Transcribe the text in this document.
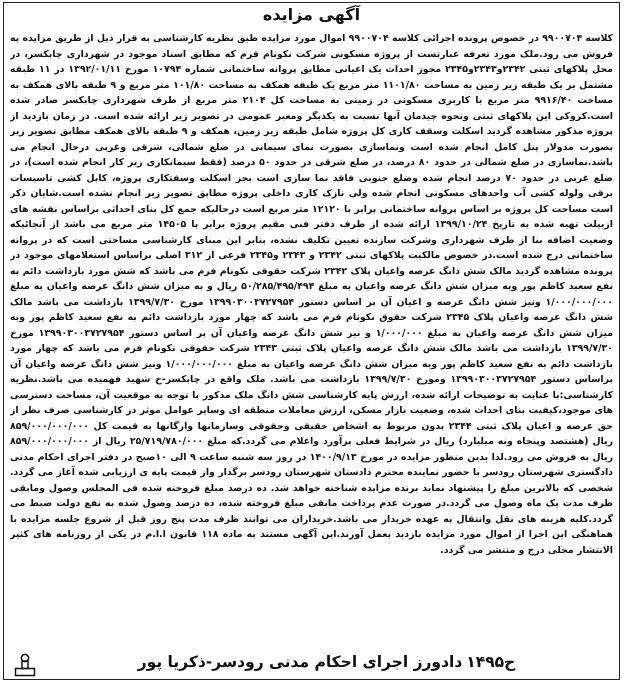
آگهی مزایده
کلاسه ۹۹۰۰۷۰۴ در خصوص پرونده اجرائی کلاسه ۹۹۰۰۷۰۴ اموال مورد مزایده طبق نظریه کارشناسی به قرار ذیل از طریق مزایده به فروش می رود.ملک مورد تعرفه عبارتست از پروژه مسکونی شرکت نکونام فرم که مطابق اسناد موجود در شهرداری چابکسر، در محل پلاکهای ثبتی ۲۳۴۲و۲۳۴۳و۲۳۴۵ مجوز احداث یک اعیانی مطابق پروانه ساختمانی شماره ۱۰۷۹۴ مورخ ۱۳۹۲/۰۱/۱۱ در ۱۱ طبقه مشتمل بر یک طبقه زیر زمین به مساحت ۱۱۰۱/۸۰ متر مربع یک طبقه همکف به مساحت ۱۰۱/۸۰ متر مربع و ۹ طبقه بالای همکف به مساحت ۹۹۱۶/۴۰ متر مربع با کاربری مسکونی در زمینی به مساحت کل ۲۱۰۴ متر مربع از طرف شهرداری چابکسر صادر شده است.کروکی این پلاکهای ثبتی ونحوه چیدمان آنها نسبت به یکدیگر ومعبر عمومی در تصویر زیر ارائه شده است. در زمان بازدید از پروژه مذکور مشاهده گردید اسکلت وسقف کاری کل پروژه شامل طبقه زیر زمین، همکف و ۹ طبقه بالای همکف مطابق تصویر زیر بصورت مدولار پنل کامل انجام شده است ونماسازی بصورت نمای سیمانی در ضلع شمالی، شرقی وغربی درحال انجام می باشد.نماسازی در ضلع شمالی در حدود ۸۰ درصد، در ضلع شرقی در حدود ۵۰ درصد (فقط سیمانکاری زیر کار انجام شده است)، در ضلع غربی در حدود ۷۰ درصد انجام شده وضلع جنوبی فاقد نما سازی است بجز اسکلت وسفتکاری پروژه، کابل کشی تاسیسات برقی ولوله کشی آب واحدهای مسکونی انجام شده ولی نازک کاری داخلی پروژه مطابق تصویر زیر انجام نشده است.شایان ذکر است مساحت کل پروژه بر اساس پروانه ساختمانی برابر با ۱۲۱۲۰ متر مربع است درحالیکه جمع کل بنای احداثی براساس نقشه های ازبیلت تهیه شده به تاریخ ۱۳۹۹/۱۰/۲۴ ارائه شده از طرف دفتر فنی مقیم پروژه برابر با ۱۴۵۰۵ متر مربع می باشد از آنجائیکه وضعیت اضافه بنا از طرف شهرداری وشرکت سازنده تعیین تکلیف نشده، بنابر این مبنای کارشناسی مساحتی است که در پروانه ساختمانی درج شده است.در خصوص مالکیت پلاکهای ثبتی ۲۳۴۲ و ۲۳۴۳ و۲۳۴۵ فرعی از ۳۱۲ اصلی براساس استعلامهای موجود در پرونده مشاهده گردید مالک شش دانگ عرصه واعیان پلاک ۲۳۴۲ شرکت حقوقی نکونام فرم می باشد که شش مورد بازداشت دائم به نفع سعید کاظم پور وبه میزان شش دانگ عرصه واعیان به مبلغ ۵۰/۲۸۵/۴۹۵/۴۹۴ ریال و به میزان شش دانگ عرصه واعیان به مبلغ ۱/۰۰۰/۰۰۰/۰۰۰ ونیز شش دانگ عرصه و اعیان آن بر اساس دستور ۱۳۹۹۰۳۰۰۳۷۲۷۹۵۴ مورخ ۱۳۹۹/۷/۳۰ بازداشت می باشد مالک شش دانگ عرصه واعیان پلاک ۲۳۴۵ شرکت حقوق نکونام فرم می باشد که چهار مورد بازداشت دائم به نفع سعید کاظم پور وبه میزان شش دانگ عرصه واعیان به مبلغ ۱/۰۰۰/۰۰۰ و نیز شش دانگ عرصه واعیان آن بر اساس دستور ۱۳۹۹۰۳۰۰۳۷۲۷۹۵۴ مورخ ۱۳۹۹/۷/۳۰ بازداشت می باشد مالک شش دانگ عرصه واعیان پلاک ثبتی ۲۳۴۳ شرکت حقوقی نکونام فرم می باشد که چهار مورد بازداشت دائم به نفع سعید کاظم پور وبه میزان شش دانگ عرصه واعیان به مبلغ ۱/۰۰۰/۰۰۰/۰۰۰ ونیز شش دانگ عرصه واعیان آن براساس دستور ۱۳۹۹۰۳۰۰۳۷۲۷۹۵۴ ومورخ ۱۳۹۹/۷/۳۰ بازداشت می باشد. ملک واقع در چابکسر-خ شهید فهمیده می باشد.نظریه کارشناسی:با عنایت به توضیحات ارائه شده، ارزش پایه کارشناسی شش دانگ ملک مذکور با توجه به موقعیت آن، مساحت دسترسی های موجود،کیفیت بنای احداث شده، وضعیت بازار مسکن، ارزش معاملات منطقه ای وسایر عوامل موثر در کارشناسی صرف نظر از حق عرصه و اعیان پلاک ثبتی ۲۳۴۴ بدون مربوط به اشخاص حقیقی وحقوقی وسازمانها وارگانها به قیمت کل ۸۵۹/۰۰۰/۰۰۰/۰۰۰ ریال (هشتصد وپنجاه ونه میلیارد) ریال در شرایط فعلی برآورد واعلام می گردد.که مبلغ ۲۵/۷۱۹/۷۸۰/۰۰۰ ریال از ۸۵۹/۰۰۰/۰۰۰/۰۰۰ ریال به فروش می رود.لذا بدین منظور مزایده در مورخ ۱۴۰۰/۹/۱۳ در روز سه شنبه ساعت ۹ الی ۱۰صبح در دفتر اجرای احکام مدنی دادگستری شهرستان رودسر با حضور نماینده محترم دادستان شهرستان رودسر برگذار واز قیمت پایه ی ارزیابی شده آغاز می گردد. شخصی که بالاترین مبلغ را پیشنهاد نماید برنده مزایده شناخته خواهد شد. ده درصد مبلغ فروخته شده فی المجلس وصول ومابقی ظرف مدت یک ماه وصول می گردد.در صورت عدم پرداخت مابقی مبلغ فروخته شده، ده درصد وصول شده به نفع دولت ضبط می گردد.کلیه هزینه های نقل وانتقال به عهده خریدار می باشد.خریداران می توانند ظرف مدت پنج روز قبل از شروع جلسه مزایده با هماهنگی این اجرا از اموال مورد مزایده بازدید بعمل آورند.این آگهی مستند به ماده ۱۱۸ قانون ا.ا.م در یکی از روزنامه های کثیر الانتشار محلی درج و منتشر می گردد.
ح۱۴۹۵
دادورز اجرای احکام مدنی رودسر-ذکریا پور
